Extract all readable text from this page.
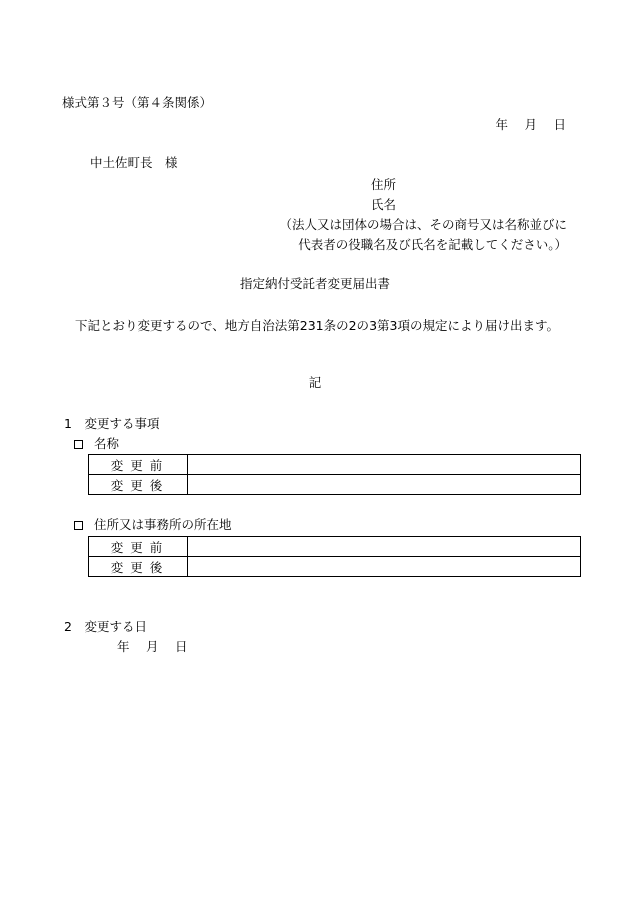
様式第３号（第４条関係）
年　 月　 日
中土佐町長　様
住所
氏名
（法人又は団体の場合は、その商号又は名称並びに
代表者の役職名及び氏名を記載してください。）
指定納付受託者変更届出書
下記とおり変更するので、地方自治法第231条の2の3第3項の規定により届け出ます。
記
1　変更する事項
名称
変更前	
変更後	
住所又は事務所の所在地
変更前	
変更後	
2　変更する日
年　 月　 日
